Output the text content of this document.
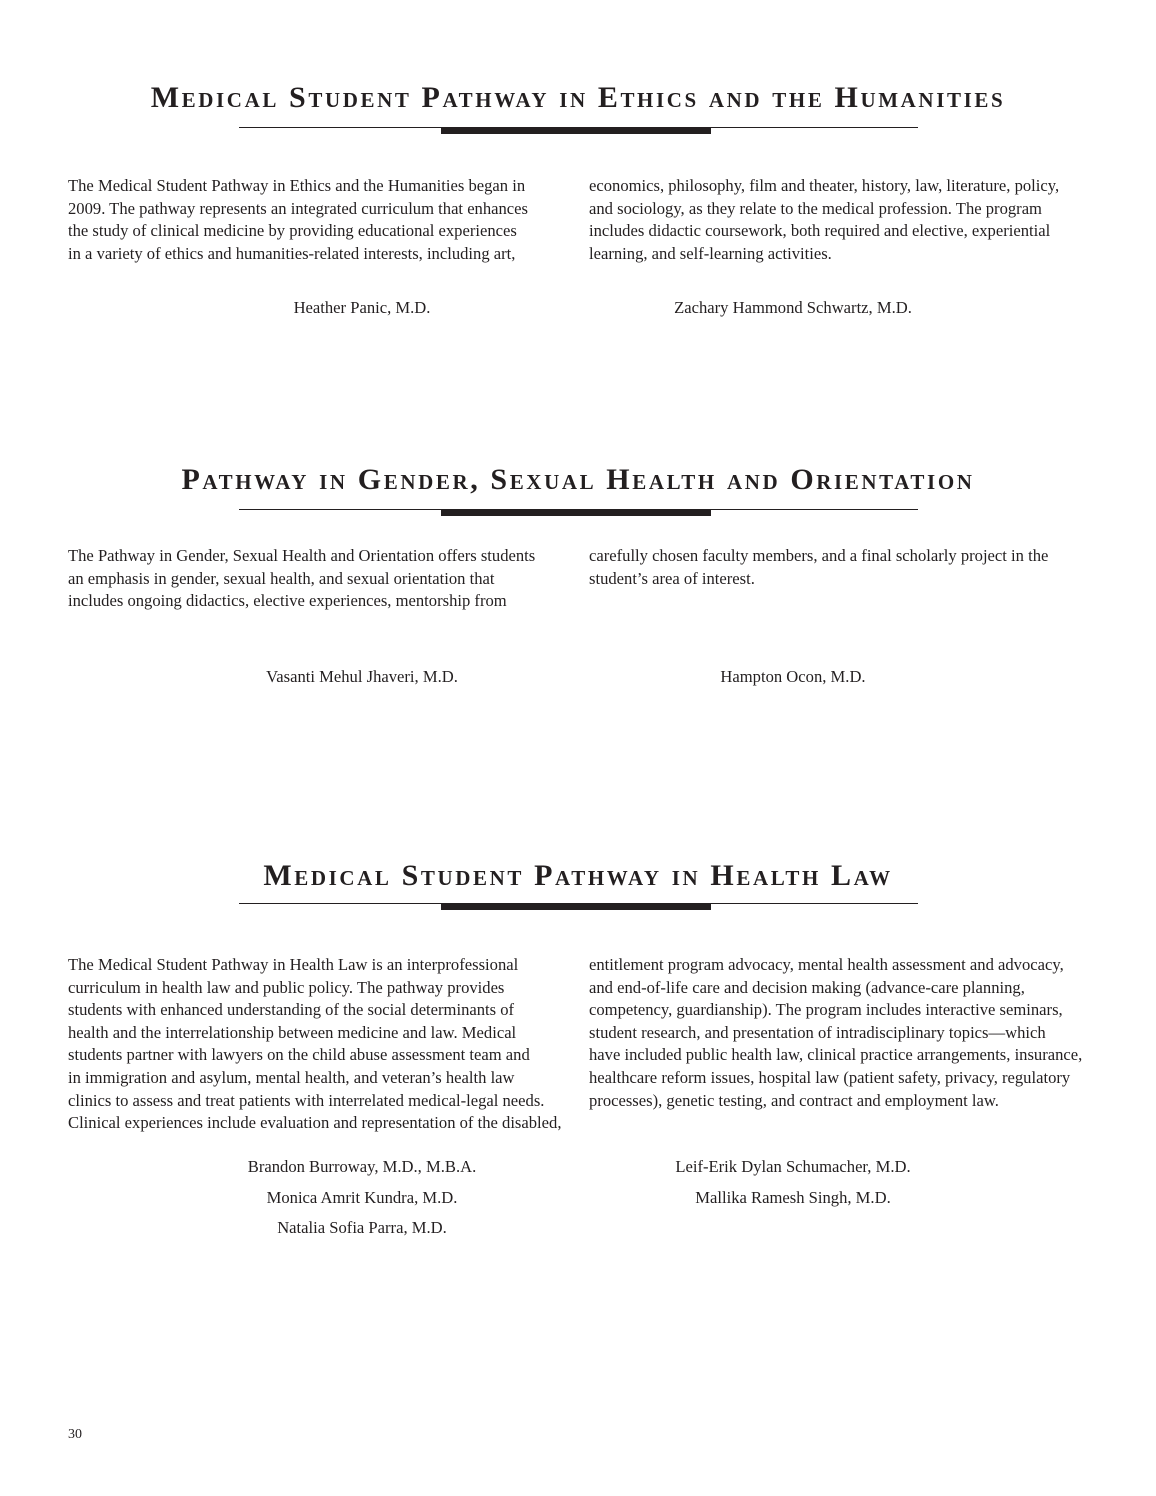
Medical Student Pathway in Ethics and the Humanities

The Medical Student Pathway in Ethics and the Humanities began in
2009. The pathway represents an integrated curriculum that enhances
the study of clinical medicine by providing educational experiences
in a variety of ethics and humanities-related interests, including art,

economics, philosophy, film and theater, history, law, literature, policy,
and sociology, as they relate to the medical profession. The program
includes didactic coursework, both required and elective, experiential
learning, and self-learning activities.

Heather Panic, M.D.	Zachary Hammond Schwartz, M.D.
Pathway in Gender, Sexual Health and Orientation

The Pathway in Gender, Sexual Health and Orientation offers students
an emphasis in gender, sexual health, and sexual orientation that
includes ongoing didactics, elective experiences, mentorship from

carefully chosen faculty members, and a final scholarly project in the
student’s area of interest.

Vasanti Mehul Jhaveri, M.D.	Hampton Ocon, M.D.
Medical Student Pathway in Health Law

The Medical Student Pathway in Health Law is an interprofessional
curriculum in health law and public policy. The pathway provides
students with enhanced understanding of the social determinants of
health and the interrelationship between medicine and law. Medical
students partner with lawyers on the child abuse assessment team and
in immigration and asylum, mental health, and veteran’s health law
clinics to assess and treat patients with interrelated medical-legal needs.
Clinical experiences include evaluation and representation of the disabled,

entitlement program advocacy, mental health assessment and advocacy,
and end-of-life care and decision making (advance-care planning,
competency, guardianship). The program includes interactive seminars,
student research, and presentation of intradisciplinary topics—which
have included public health law, clinical practice arrangements, insurance,
healthcare reform issues, hospital law (patient safety, privacy, regulatory
processes), genetic testing, and contract and employment law.

Brandon Burroway, M.D., M.B.A.
Monica Amrit Kundra, M.D.
Natalia Sofia Parra, M.D.
Leif-Erik Dylan Schumacher, M.D.
Mallika Ramesh Singh, M.D.
30
